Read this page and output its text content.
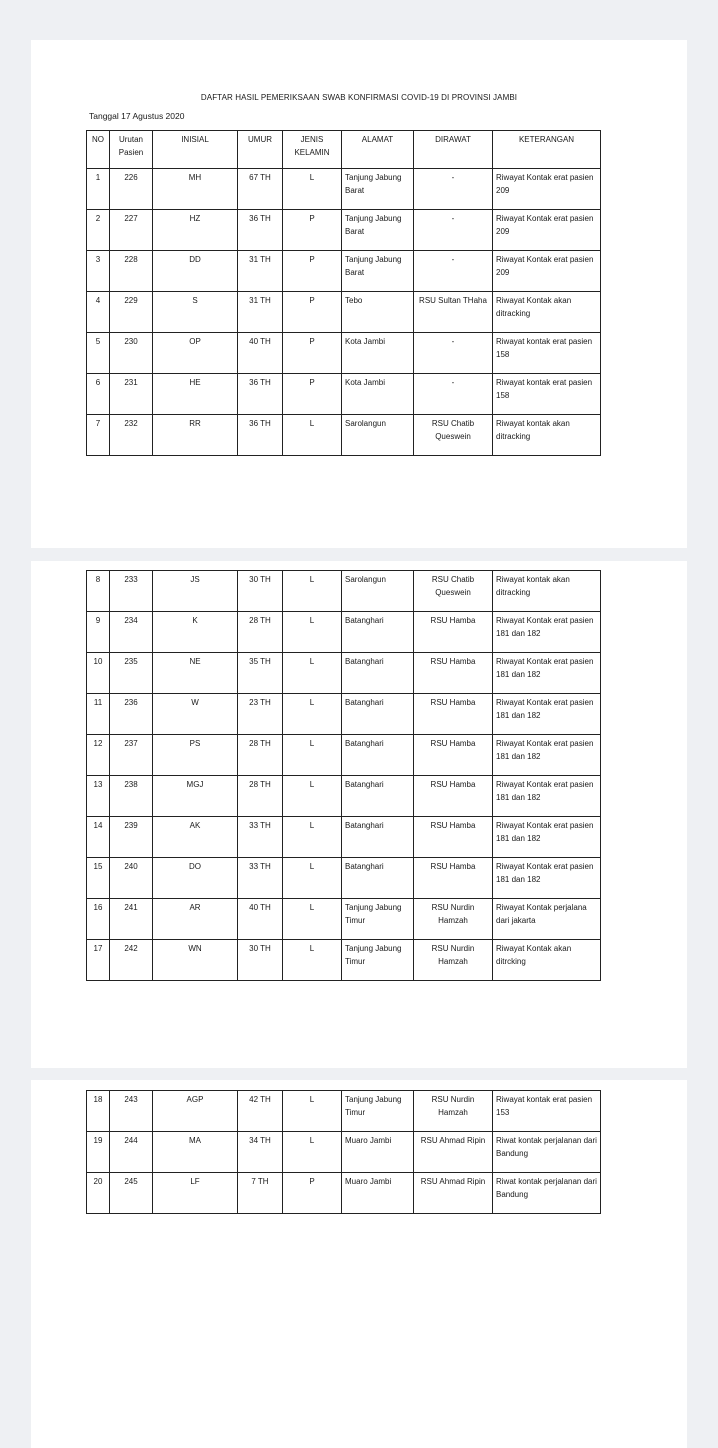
DAFTAR HASIL PEMERIKSAAN SWAB KONFIRMASI COVID-19 DI PROVINSI JAMBI
Tanggal 17 Agustus 2020
NO	Urutan Pasien	INISIAL	UMUR	JENIS KELAMIN	ALAMAT	DIRAWAT	KETERANGAN
1	226	MH	67 TH	L	Tanjung Jabung Barat	-	Riwayat Kontak erat pasien 209
2	227	HZ	36 TH	P	Tanjung Jabung Barat	-	Riwayat Kontak erat pasien 209
3	228	DD	31 TH	P	Tanjung Jabung Barat	-	Riwayat Kontak erat pasien 209
4	229	S	31 TH	P	Tebo	RSU Sultan THaha	Riwayat Kontak akan ditracking
5	230	OP	40 TH	P	Kota Jambi	-	Riwayat kontak erat pasien 158
6	231	HE	36 TH	P	Kota Jambi	-	Riwayat kontak erat pasien 158
7	232	RR	36 TH	L	Sarolangun	RSU Chatib Queswein	Riwayat kontak akan ditracking
8	233	JS	30 TH	L	Sarolangun	RSU Chatib Queswein	Riwayat kontak akan ditracking
9	234	K	28 TH	L	Batanghari	RSU Hamba	Riwayat Kontak erat pasien 181 dan 182
10	235	NE	35 TH	L	Batanghari	RSU Hamba	Riwayat Kontak erat pasien 181 dan 182
11	236	W	23 TH	L	Batanghari	RSU Hamba	Riwayat Kontak erat pasien 181 dan 182
12	237	PS	28 TH	L	Batanghari	RSU Hamba	Riwayat Kontak erat pasien 181 dan 182
13	238	MGJ	28 TH	L	Batanghari	RSU Hamba	Riwayat Kontak erat pasien 181 dan 182
14	239	AK	33 TH	L	Batanghari	RSU Hamba	Riwayat Kontak erat pasien 181 dan 182
15	240	DO	33 TH	L	Batanghari	RSU Hamba	Riwayat Kontak erat pasien 181 dan 182
16	241	AR	40 TH	L	Tanjung Jabung Timur	RSU Nurdin Hamzah	Riwayat Kontak perjalana dari jakarta
17	242	WN	30 TH	L	Tanjung Jabung Timur	RSU Nurdin Hamzah	Riwayat Kontak akan ditrcking
18	243	AGP	42 TH	L	Tanjung Jabung Timur	RSU Nurdin Hamzah	Riwayat kontak erat pasien 153
19	244	MA	34 TH	L	Muaro Jambi	RSU Ahmad Ripin	Riwat kontak perjalanan dari Bandung
20	245	LF	7 TH	P	Muaro Jambi	RSU Ahmad Ripin	Riwat kontak perjalanan dari Bandung
